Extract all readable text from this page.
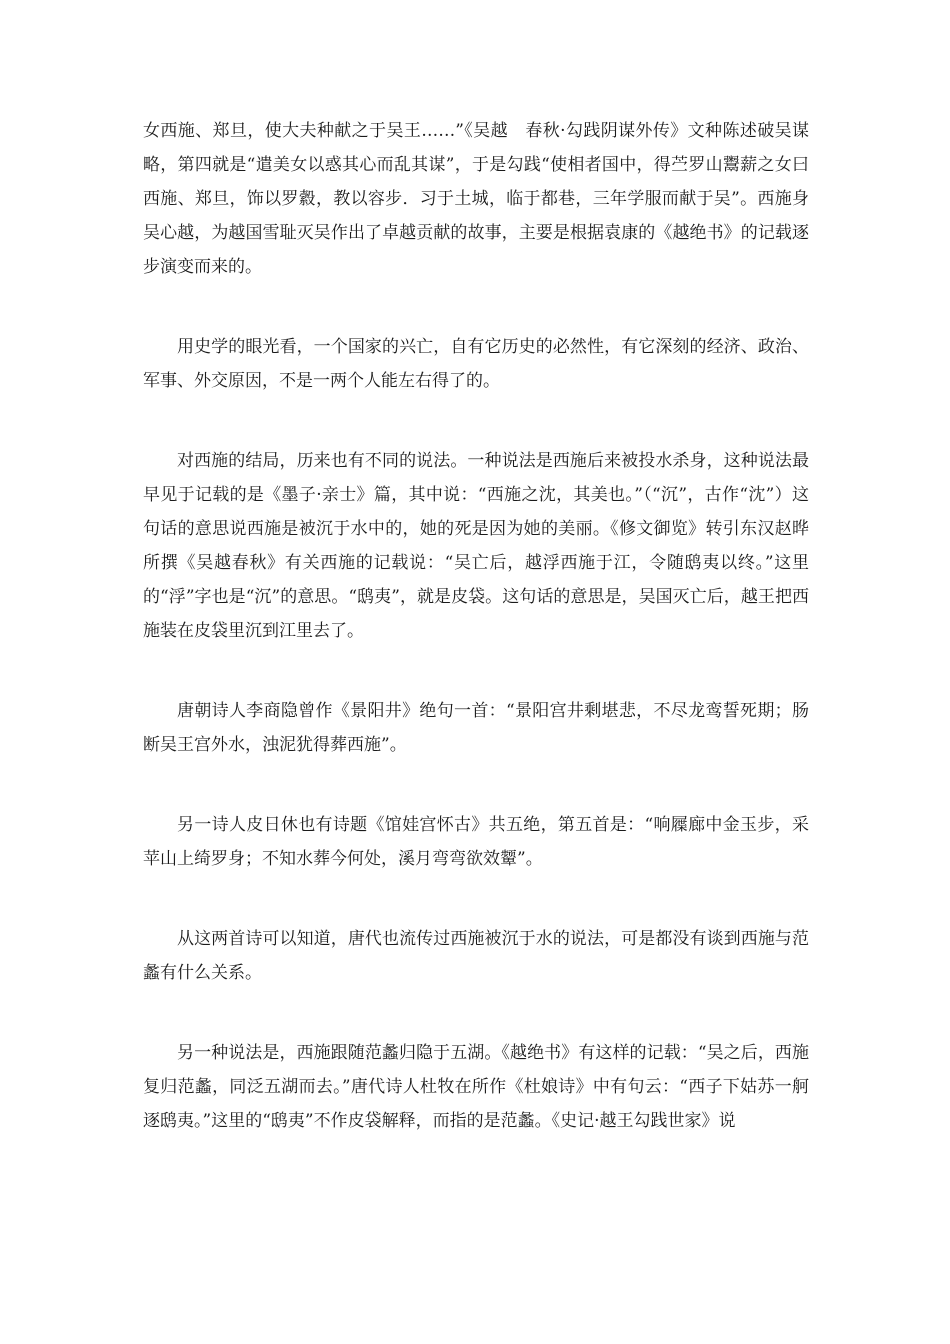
女西施、郑旦，使大夫种献之于吴王……”《吴越　春秋·勾践阴谋外传》文种陈述破吴谋略，第四就是“遣美女以惑其心而乱其谋”，于是勾践“使相者国中，得苎罗山鬻薪之女曰西施、郑旦，饰以罗縠，教以容步．习于土城，临于都巷，三年学服而献于吴”。西施身吴心越，为越国雪耻灭吴作出了卓越贡献的故事，主要是根据袁康的《越绝书》的记载逐步演变而来的。

用史学的眼光看，一个国家的兴亡，自有它历史的必然性，有它深刻的经济、政治、军事、外交原因，不是一两个人能左右得了的。

对西施的结局，历来也有不同的说法。一种说法是西施后来被投水杀身，这种说法最早见于记载的是《墨子·亲士》篇，其中说：“西施之沈，其美也。”（“沉”，古作“沈”）这句话的意思说西施是被沉于水中的，她的死是因为她的美丽。《修文御览》转引东汉赵晔所撰《吴越春秋》有关西施的记载说：“吴亡后，越浮西施于江，令随鸱夷以终。”这里的“浮”字也是“沉”的意思。“鸱夷”，就是皮袋。这句话的意思是，吴国灭亡后，越王把西施装在皮袋里沉到江里去了。

唐朝诗人李商隐曾作《景阳井》绝句一首：“景阳宫井剩堪悲，不尽龙鸾誓死期；肠断吴王宫外水，浊泥犹得葬西施”。

另一诗人皮日休也有诗题《馆娃宫怀古》共五绝，第五首是：“响屧廊中金玉步，采苹山上绮罗身；不知水葬今何处，溪月弯弯欲效颦”。

从这两首诗可以知道，唐代也流传过西施被沉于水的说法，可是都没有谈到西施与范蠡有什么关系。

另一种说法是，西施跟随范蠡归隐于五湖。《越绝书》有这样的记载：“吴之后，西施复归范蠡，同泛五湖而去。”唐代诗人杜牧在所作《杜娘诗》中有句云：“西子下姑苏一舸逐鸱夷。”这里的“鸱夷”不作皮袋解释，而指的是范蠡。《史记·越王勾践世家》说
